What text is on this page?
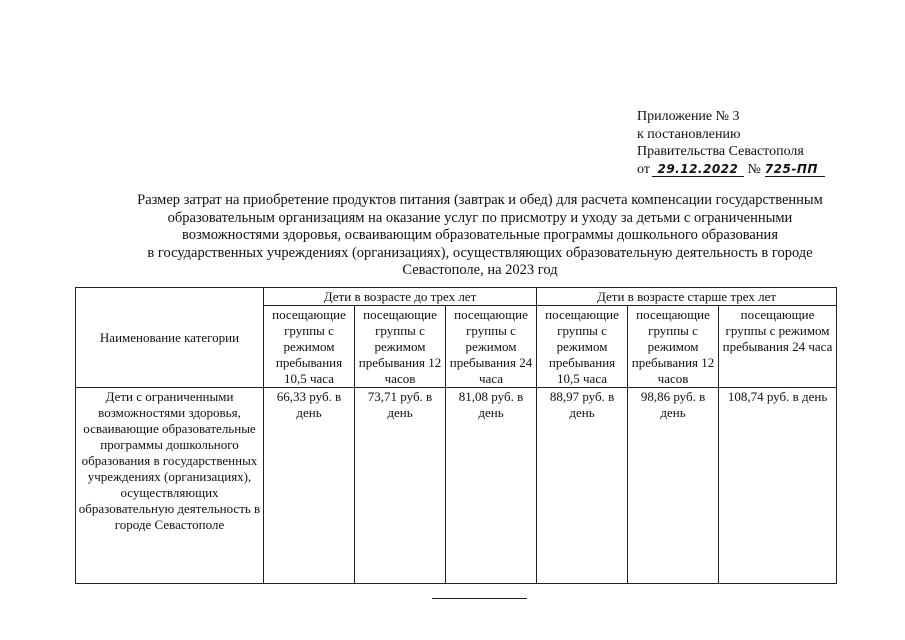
Приложение № 3
к постановлению
Правительства Севастополя
от 29.12.2022 № 725-ПП
Размер затрат на приобретение продуктов питания (завтрак и обед) для расчета компенсации государственным
образовательным организациям на оказание услуг по присмотру и уходу за детьми с ограниченными
возможностями здоровья, осваивающим образовательные программы дошкольного образования
в государственных учреждениях (организациях), осуществляющих образовательную деятельность в городе
Севастополе, на 2023 год
Наименование категории	Дети в возрасте до трех лет			Дети в возрасте старше трех лет		
	посещающие группы с режимом пребывания 10,5 часа	посещающие группы с режимом пребывания 12 часов	посещающие группы с режимом пребывания 24 часа	посещающие группы с режимом пребывания 10,5 часа	посещающие группы с режимом пребывания 12 часов	посещающие группы с режимом пребывания 24 часа
Дети с ограниченными возможностями здоровья, осваивающие образовательные программы дошкольного образования в государственных учреждениях (организациях), осуществляющих образовательную деятельность в городе Севастополе	66,33 руб. в день	73,71 руб. в день	81,08 руб. в день	88,97 руб. в день	98,86 руб. в день	108,74 руб. в день
